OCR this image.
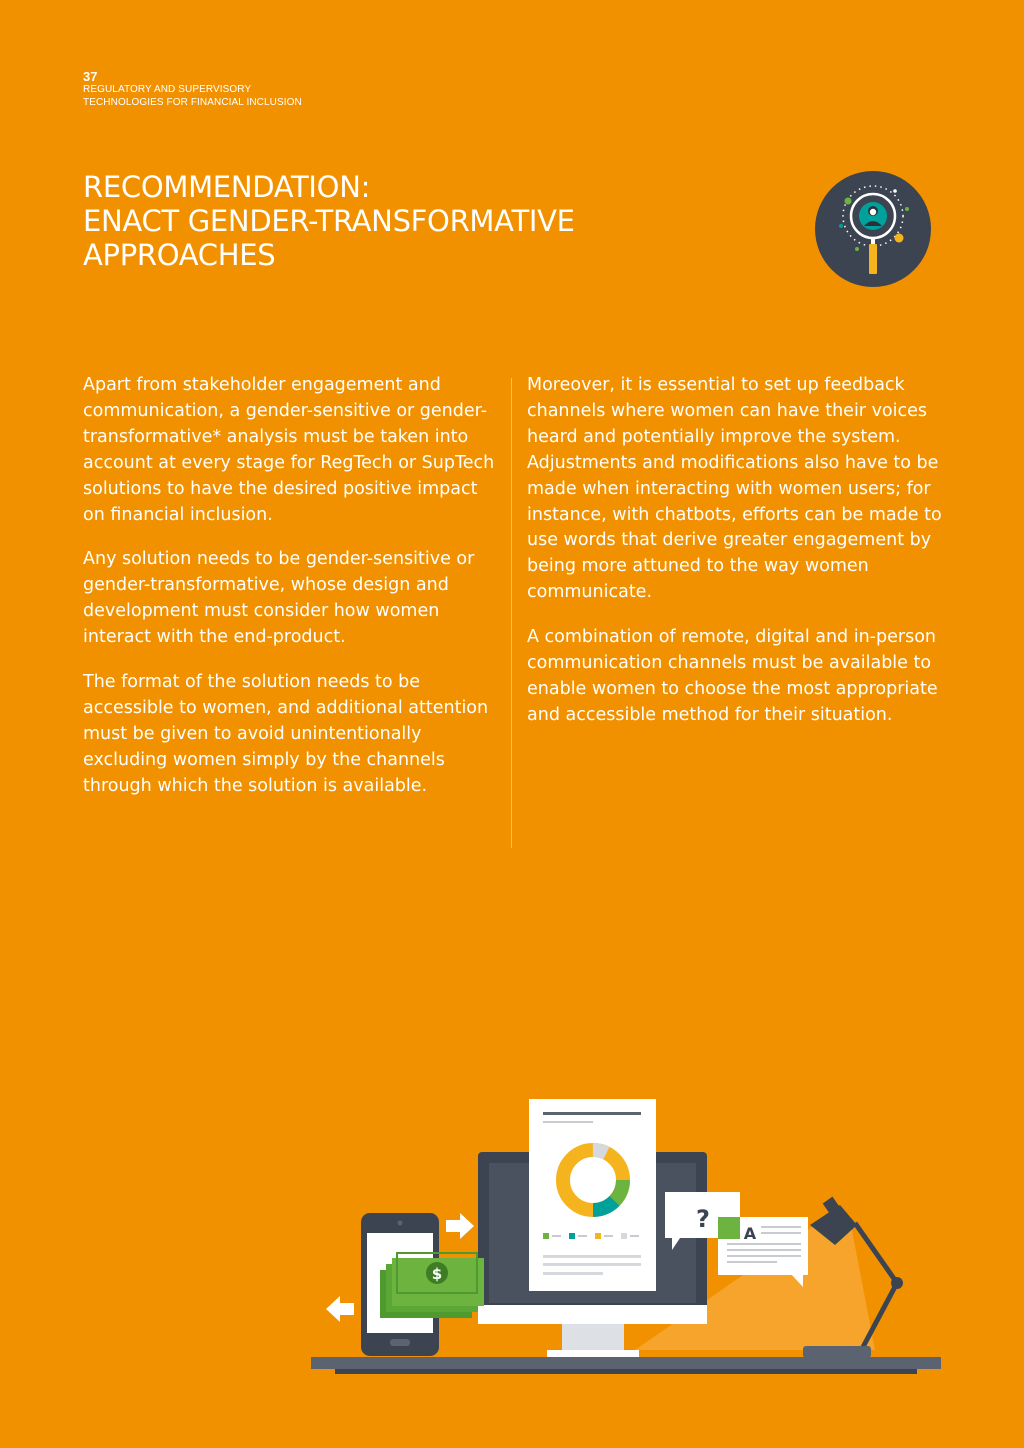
37
REGULATORY AND SUPERVISORY
TECHNOLOGIES FOR FINANCIAL INCLUSION
RECOMMENDATION:
ENACT GENDER-TRANSFORMATIVE
APPROACHES

Apart from stakeholder engagement and communication, a gender-sensitive or gender-transformative* analysis must be taken into account at every stage for RegTech or SupTech solutions to have the desired positive impact on financial inclusion.

Any solution needs to be gender-sensitive or gender-transformative, whose design and development must consider how women interact with the end-product.

The format of the solution needs to be accessible to women, and additional attention must be given to avoid unintentionally excluding women simply by the channels through which the solution is available.

Moreover, it is essential to set up feedback channels where women can have their voices heard and potentially improve the system. Adjustments and modifications also have to be made when interacting with women users; for instance, with chatbots, efforts can be made to use words that derive greater engagement by being more attuned to the way women communicate.

A combination of remote, digital and in-person communication channels must be available to enable women to choose the most appropriate and accessible method for their situation.

$
?
A
